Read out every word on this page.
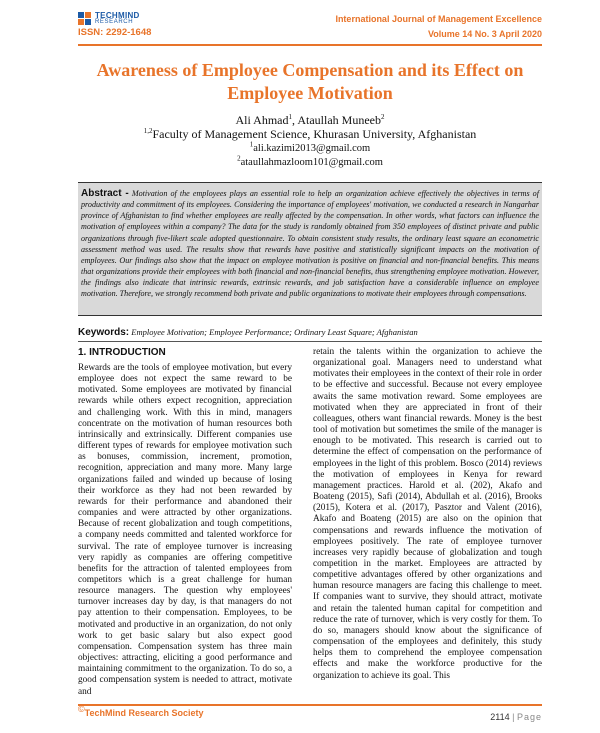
TECHMIND
RESEARCH
ISSN: 2292-1648
International Journal of Management Excellence
Volume 14 No. 3 April 2020
Awareness of Employee Compensation and its Effect on Employee Motivation
Ali Ahmad$^1$, Ataullah Muneeb$^2$
$^{1,2}$Faculty of Management Science, Khurasan University, Afghanistan
$^1$ali.kazimi2013@gmail.com
$^2$ataullahmazloom101@gmail.com
Abstract - Motivation of the employees plays an essential role to help an organization achieve effectively the objectives in terms of productivity and commitment of its employees. Considering the importance of employees' motivation, we conducted a research in Nangarhar province of Afghanistan to find whether employees are really affected by the compensation. In other words, what factors can influence the motivation of employees within a company? The data for the study is randomly obtained from 350 employees of distinct private and public organizations through five-likert scale adopted questionnaire. To obtain consistent study results, the ordinary least square an econometric assessment method was used. The results show that rewards have positive and statistically significant impacts on the motivation of employees. Our findings also show that the impact on employee motivation is positive on financial and non-financial benefits. This means that organizations provide their employees with both financial and non-financial benefits, thus strengthening employee motivation. However, the findings also indicate that intrinsic rewards, extrinsic rewards, and job satisfaction have a considerable influence on employee motivation. Therefore, we strongly recommend both private and public organizations to motivate their employees through compensations.
Keywords: Employee Motivation; Employee Performance; Ordinary Least Square; Afghanistan
1. INTRODUCTION
Rewards are the tools of employee motivation, but every employee does not expect the same reward to be motivated. Some employees are motivated by financial rewards while others expect recognition, appreciation and challenging work. With this in mind, managers concentrate on the motivation of human resources both intrinsically and extrinsically. Different companies use different types of rewards for employee motivation such as bonuses, commission, increment, promotion, recognition, appreciation and many more. Many large organizations failed and winded up because of losing their workforce as they had not been rewarded by rewards for their performance and abandoned their companies and were attracted by other organizations. Because of recent globalization and tough competitions, a company needs committed and talented workforce for survival. The rate of employee turnover is increasing very rapidly as companies are offering competitive benefits for the attraction of talented employees from competitors which is a great challenge for human resource managers. The question why employees' turnover increases day by day, is that managers do not pay attention to their compensation. Employees, to be motivated and productive in an organization, do not only work to get basic salary but also expect good compensation. Compensation system has three main objectives: attracting, eliciting a good performance and maintaining commitment to the organization. To do so, a good compensation system is needed to attract, motivate and
retain the talents within the organization to achieve the organizational goal. Managers need to understand what motivates their employees in the context of their role in order to be effective and successful. Because not every employee awaits the same motivation reward. Some employees are motivated when they are appreciated in front of their colleagues, others want financial rewards. Money is the best tool of motivation but sometimes the smile of the manager is enough to be motivated. This research is carried out to determine the effect of compensation on the performance of employees in the light of this problem. Bosco (2014) reviews the motivation of employees in Kenya for reward management practices. Harold et al. (202), Akafo and Boateng (2015), Safi (2014), Abdullah et al. (2016), Brooks (2015), Kotera et al. (2017), Pasztor and Valent (2016), Akafo and Boateng (2015) are also on the opinion that compensations and rewards influence the motivation of employees positively. The rate of employee turnover increases very rapidly because of globalization and tough competition in the market. Employees are attracted by competitive advantages offered by other organizations and human resource managers are facing this challenge to meet. If companies want to survive, they should attract, motivate and retain the talented human capital for competition and reduce the rate of turnover, which is very costly for them. To do so, managers should know about the significance of compensation of the employees and definitely, this study helps them to comprehend the employee compensation effects and make the workforce productive for the organization to achieve its goal. This
©TechMind Research Society	2114 | Page
